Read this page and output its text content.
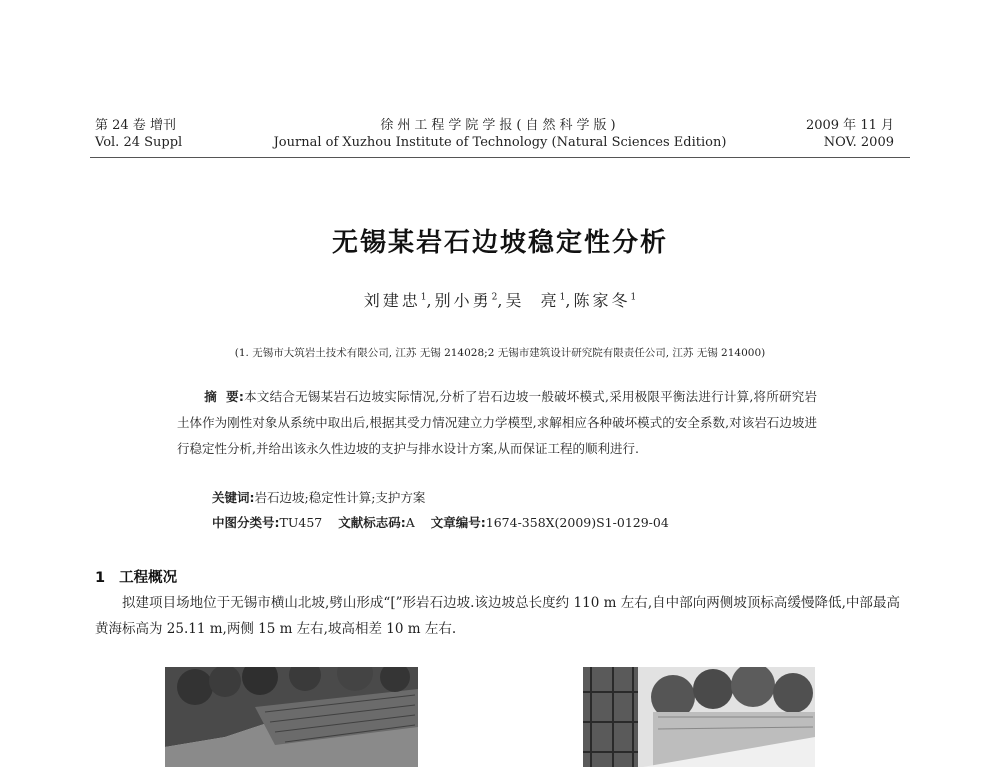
第 24 卷 增刊
Vol. 24 Suppl
徐州工程学院学报(自然科学版)
Journal of Xuzhou Institute of Technology (Natural Sciences Edition)
2009 年 11 月
NOV. 2009
无锡某岩石边坡稳定性分析
刘建忠$^1$,别小勇$^2$,吴  亮$^1$,陈家冬$^1$
(1. 无锡市大筑岩土技术有限公司, 江苏 无锡 214028;2 无锡市建筑设计研究院有限责任公司, 江苏 无锡 214000)
摘  要:本文结合无锡某岩石边坡实际情况,分析了岩石边坡一般破坏模式,采用极限平衡法进行计算,将所研究岩土体作为刚性对象从系统中取出后,根据其受力情况建立力学模型,求解相应各种破坏模式的安全系数,对该岩石边坡进行稳定性分析,并给出该永久性边坡的支护与排水设计方案,从而保证工程的顺利进行.
关键词:岩石边坡;稳定性计算;支护方案
中图分类号:TU457 文献标志码:A 文章编号:1674-358X(2009)S1-0129-04
1 工程概况
拟建项目场地位于无锡市横山北坡,劈山形成“[”形岩石边坡.该边坡总长度约 110 m 左右,自中部向两侧坡顶标高缓慢降低,中部最高黄海标高为 25.11 m,两侧 15 m 左右,坡高相差 10 m 左右.
